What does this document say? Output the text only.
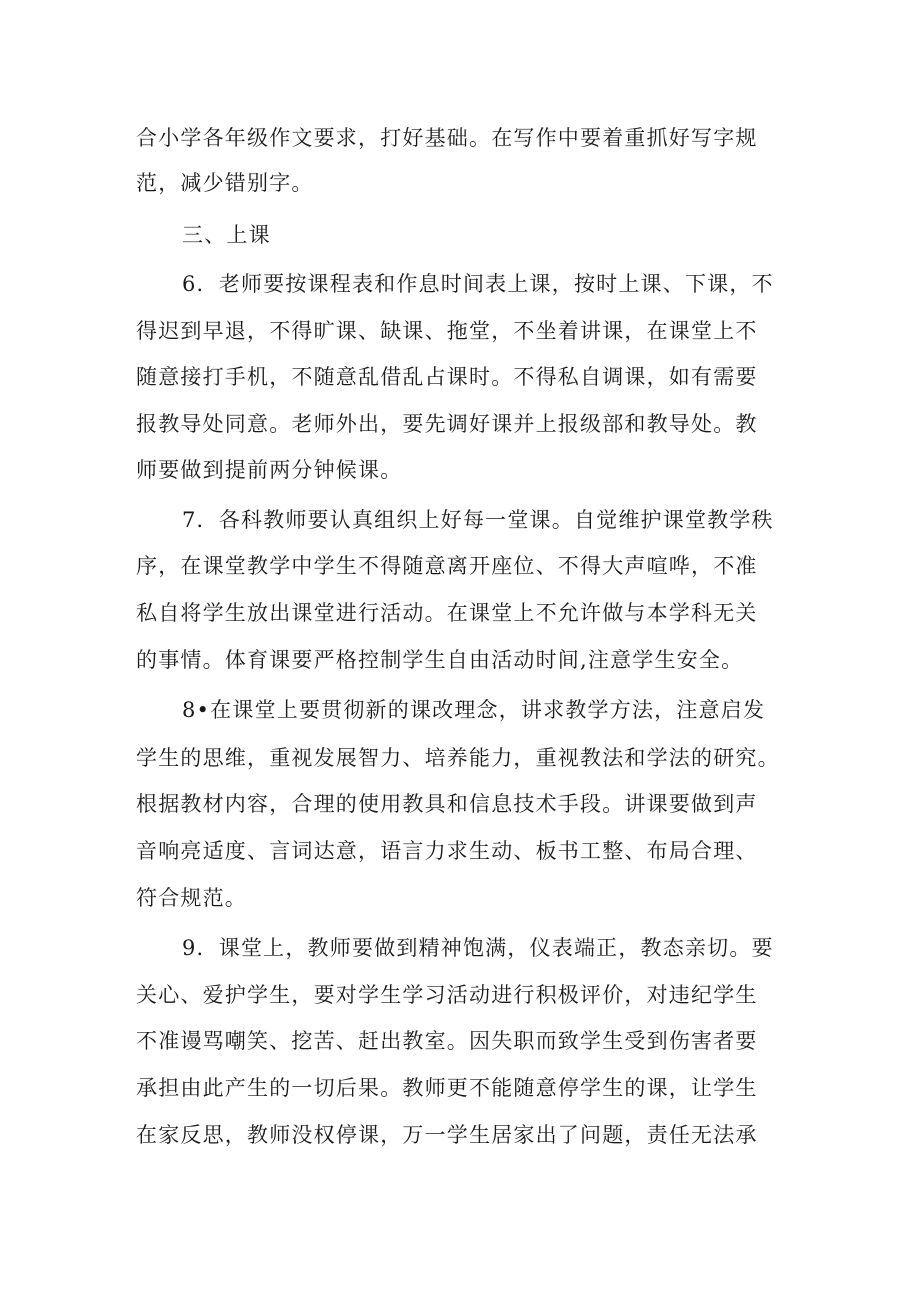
合小学各年级作文要求，打好基础。在写作中要着重抓好写字规
范，减少错别字。
三、上课
6．老师要按课程表和作息时间表上课，按时上课、下课，不
得迟到早退，不得旷课、缺课、拖堂，不坐着讲课，在课堂上不
随意接打手机，不随意乱借乱占课时。不得私自调课，如有需要
报教导处同意。老师外出，要先调好课并上报级部和教导处。教
师要做到提前两分钟候课。
7．各科教师要认真组织上好每一堂课。自觉维护课堂教学秩
序，在课堂教学中学生不得随意离开座位、不得大声喧哗，不准
私自将学生放出课堂进行活动。在课堂上不允许做与本学科无关
的事情。体育课要严格控制学生自由活动时间,注意学生安全。
8•在课堂上要贯彻新的课改理念，讲求教学方法，注意启发
学生的思维，重视发展智力、培养能力，重视教法和学法的研究。
根据教材内容，合理的使用教具和信息技术手段。讲课要做到声
音响亮适度、言词达意，语言力求生动、板书工整、布局合理、
符合规范。
9．课堂上，教师要做到精神饱满，仪表端正，教态亲切。要
关心、爱护学生，要对学生学习活动进行积极评价，对违纪学生
不准谩骂嘲笑、挖苦、赶出教室。因失职而致学生受到伤害者要
承担由此产生的一切后果。教师更不能随意停学生的课，让学生
在家反思，教师没权停课，万一学生居家出了问题，责任无法承
